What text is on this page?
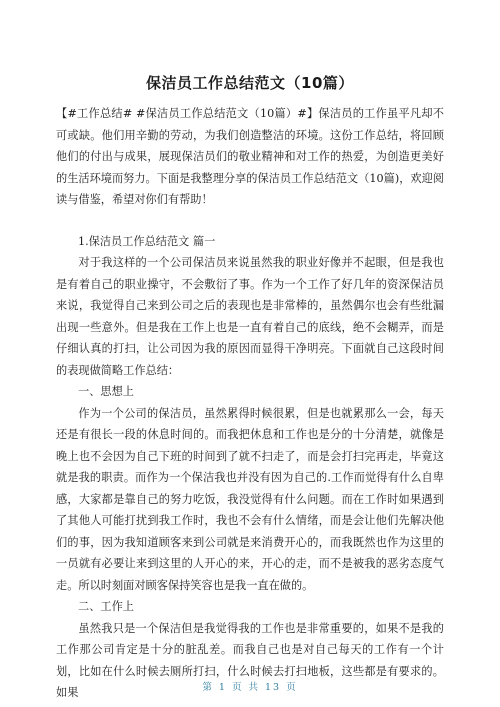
保洁员工作总结范文（10篇）

【#工作总结# #保洁员工作总结范文（10篇）#】保洁员的工作虽平凡却不可或缺。他们用辛勤的劳动，为我们创造整洁的环境。这份工作总结，将回顾他们的付出与成果，展现保洁员们的敬业精神和对工作的热爱，为创造更美好的生活环境而努力。下面是我整理分享的保洁员工作总结范文（10篇)，欢迎阅读与借鉴，希望对你们有帮助！

1.保洁员工作总结范文 篇一

对于我这样的一个公司保洁员来说虽然我的职业好像并不起眼，但是我也是有着自己的职业操守，不会敷衍了事。作为一个工作了好几年的资深保洁员来说，我觉得自己来到公司之后的表现也是非常棒的，虽然偶尔也会有些纰漏出现一些意外。但是我在工作上也是一直有着自己的底线，绝不会糊弄，而是仔细认真的打扫，让公司因为我的原因而显得干净明亮。下面就自己这段时间的表现做简略工作总结：

一、思想上

作为一个公司的保洁员，虽然累得时候很累，但是也就累那么一会，每天还是有很长一段的休息时间的。而我把休息和工作也是分的十分清楚，就像是晚上也不会因为自己下班的时间到了就不扫走了，而是会打扫完再走，毕竟这就是我的职责。而作为一个保洁我也并没有因为自己的.工作而觉得有什么自卑感，大家都是靠自己的努力吃饭，我没觉得有什么问题。而在工作时如果遇到了其他人可能打扰到我工作时，我也不会有什么情绪，而是会让他们先解决他们的事，因为我知道顾客来到公司就是来消费开心的，而我既然也作为这里的一员就有必要让来到这里的人开心的来，开心的走，而不是被我的恶劣态度气走。所以时刻面对顾客保持笑容也是我一直在做的。

二、工作上

虽然我只是一个保洁但是我觉得我的工作也是非常重要的，如果不是我的工作那公司肯定是十分的脏乱差。而我自己也是对自己每天的工作有一个计划，比如在什么时候去厕所打扫，什么时候去打扫地板，这些都是有要求的。如果	第 1 页 共 13 页
